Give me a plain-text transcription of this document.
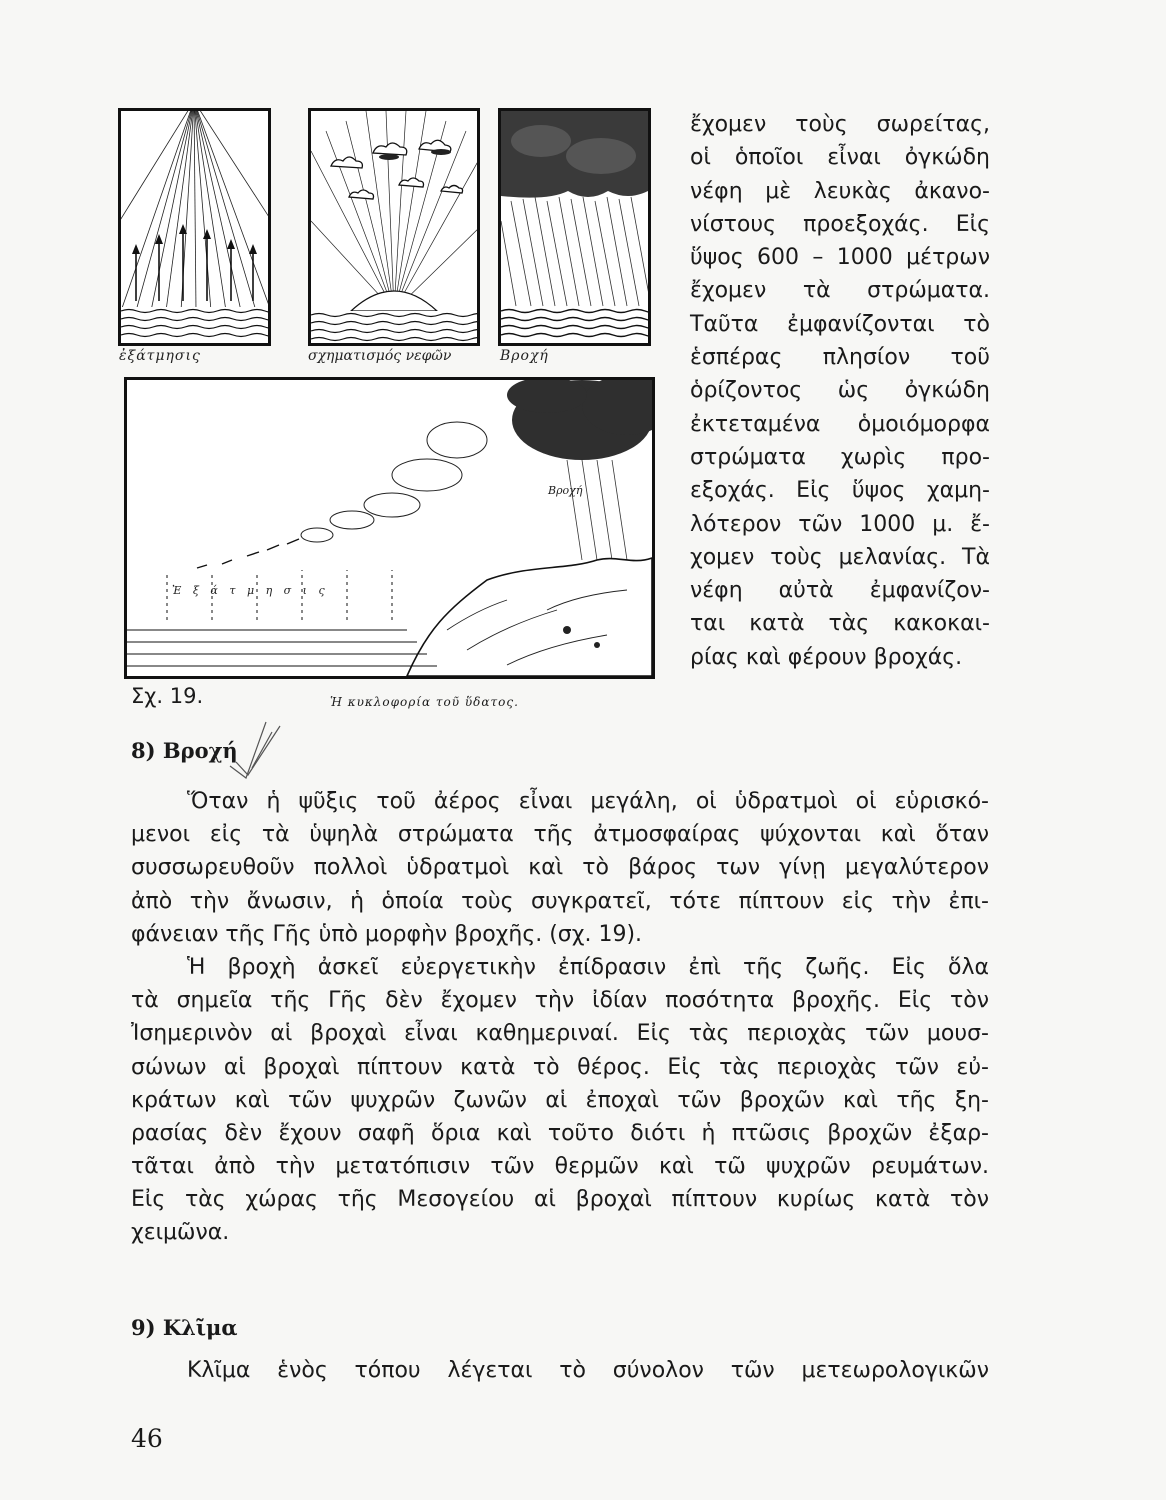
ἐξάτμησις	σχηματισμός νεφῶν	Βροχή
Ἐ ξ ά τ μ η σ ι ς
Βροχή
Σχ. 19.	Ἡ κυκλοφορία τοῦ ὕδατος.
ἔχομεν τοὺς σωρείτας,
οἱ ὁποῖοι εἶναι ὀγκώδη
νέφη μὲ λευκὰς ἀκανο-
νίστους προεξοχάς. Εἰς
ὕψος 600 – 1000 μέτρων
ἔχομεν τὰ στρώματα.
Ταῦτα ἐμφανίζονται τὸ
ἑσπέρας πλησίον τοῦ
ὁρίζοντος ὡς ὀγκώδη
ἐκτεταμένα ὁμοιόμορφα
στρώματα χωρὶς προ-
εξοχάς. Εἰς ὕψος χαμη-
λότερον τῶν 1000 μ. ἔ-
χομεν τοὺς μελανίας. Τὰ
νέφη αὐτὰ ἐμφανίζον-
ται κατὰ τὰς κακοκαι-
ρίας καὶ φέρουν βροχάς.
8) Βροχή
Ὅταν ἡ ψῦξις τοῦ ἀέρος εἶναι μεγάλη, οἱ ὑδρατμοὶ οἱ εὑρισκό-
μενοι εἰς τὰ ὑψηλὰ στρώματα τῆς ἀτμοσφαίρας ψύχονται καὶ ὅταν
συσσωρευθοῦν πολλοὶ ὑδρατμοὶ καὶ τὸ βάρος των γίνῃ μεγαλύτερον
ἀπὸ τὴν ἄνωσιν, ἡ ὁποία τοὺς συγκρατεῖ, τότε πίπτουν εἰς τὴν ἐπι-
φάνειαν τῆς Γῆς ὑπὸ μορφὴν βροχῆς. (σχ. 19).
Ἡ βροχὴ ἀσκεῖ εὐεργετικὴν ἐπίδρασιν ἐπὶ τῆς ζωῆς. Εἰς ὅλα
τὰ σημεῖα τῆς Γῆς δὲν ἔχομεν τὴν ἰδίαν ποσότητα βροχῆς. Εἰς τὸν
Ἰσημερινὸν αἱ βροχαὶ εἶναι καθημεριναί. Εἰς τὰς περιοχὰς τῶν μουσ-
σώνων αἱ βροχαὶ πίπτουν κατὰ τὸ θέρος. Εἰς τὰς περιοχὰς τῶν εὐ-
κράτων καὶ τῶν ψυχρῶν ζωνῶν αἱ ἐποχαὶ τῶν βροχῶν καὶ τῆς ξη-
ρασίας δὲν ἔχουν σαφῆ ὅρια καὶ τοῦτο διότι ἡ πτῶσις βροχῶν ἐξαρ-
τᾶται ἀπὸ τὴν μετατόπισιν τῶν θερμῶν καὶ τῶ ψυχρῶν ρευμάτων.
Εἰς τὰς χώρας τῆς Μεσογείου αἱ βροχαὶ πίπτουν κυρίως κατὰ τὸν
χειμῶνα.
9) Κλῖμα
Κλῖμα ἑνὸς τόπου λέγεται τὸ σύνολον τῶν μετεωρολογικῶν
46
